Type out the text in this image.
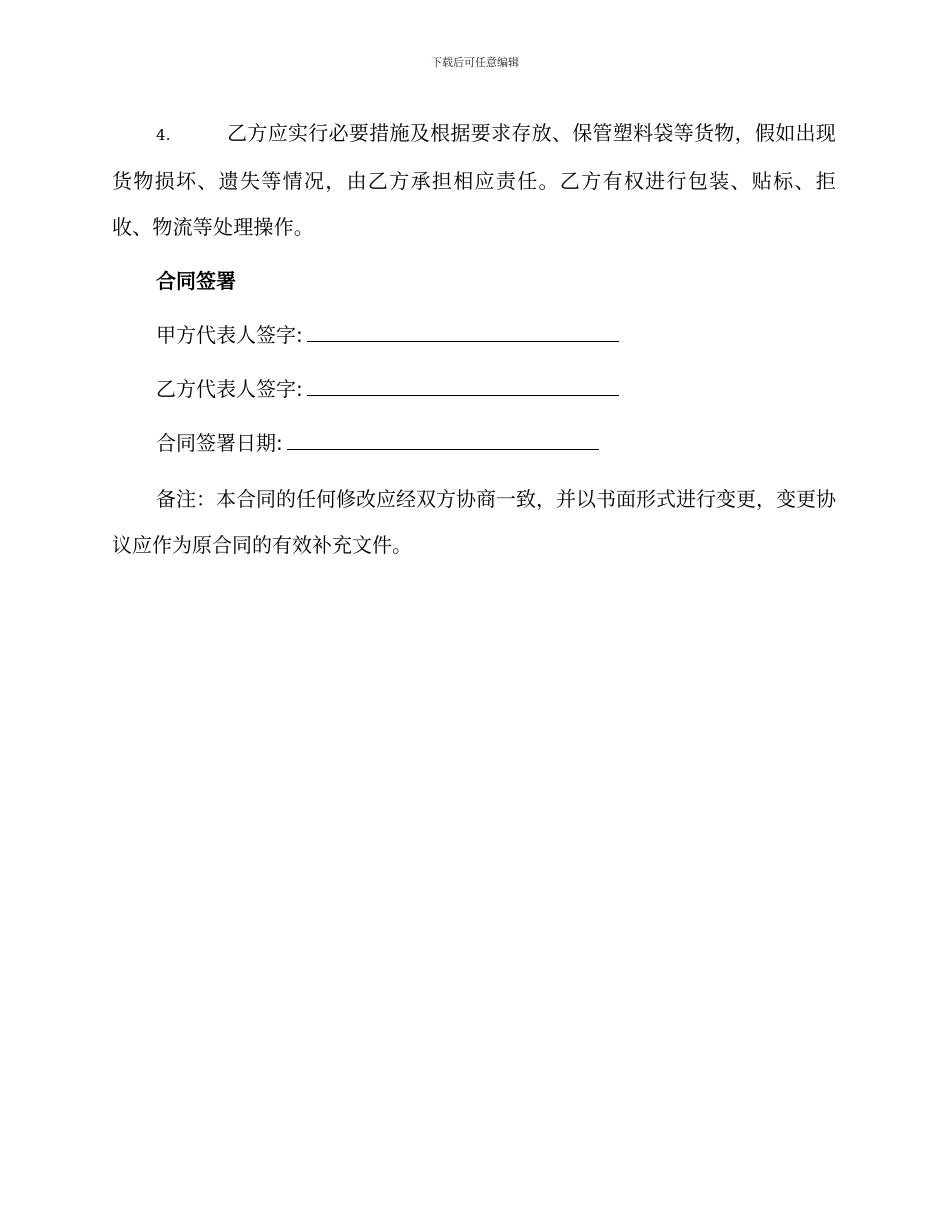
下载后可任意编辑

4.	乙方应实行必要措施及根据要求存放、保管塑料袋等货物，假如出现货物损坏、遗失等情况，由乙方承担相应责任。乙方有权进行包装、贴标、拒收、物流等处理操作。

合同签署
甲方代表人签字:
乙方代表人签字:
合同签署日期:

备注：本合同的任何修改应经双方协商一致，并以书面形式进行变更，变更协议应作为原合同的有效补充文件。
